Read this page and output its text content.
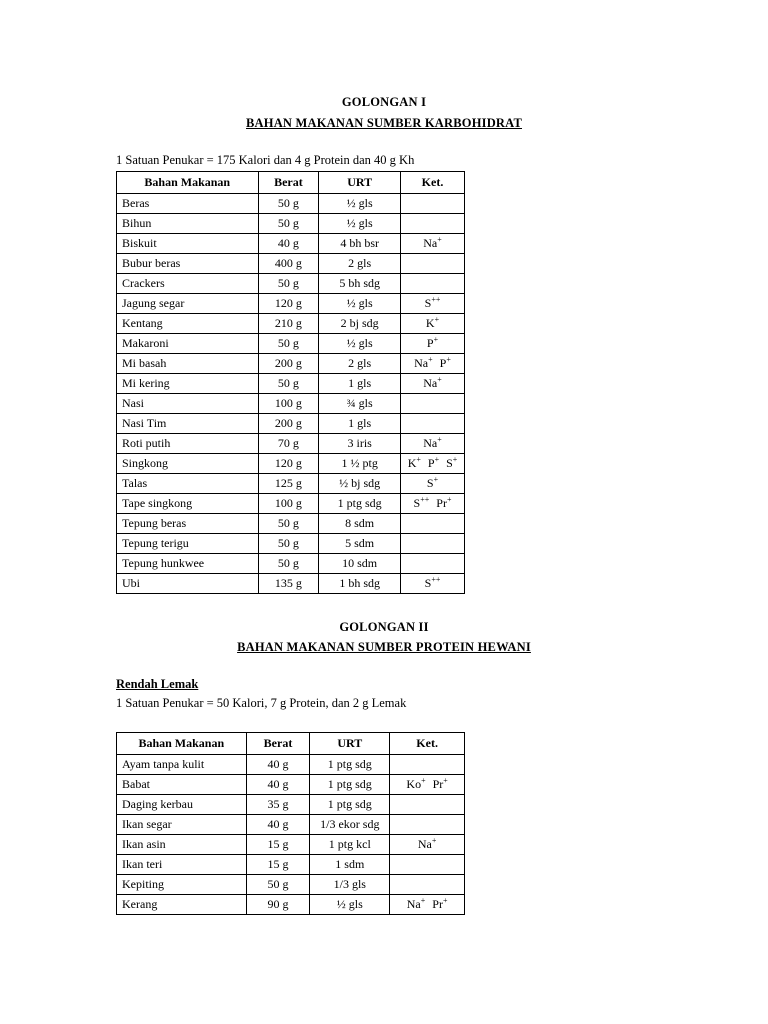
GOLONGAN I
BAHAN MAKANAN SUMBER KARBOHIDRAT
1 Satuan Penukar = 175 Kalori dan 4 g Protein dan 40 g Kh
Bahan Makanan	Berat	URT	Ket.
Beras	50 g	½ gls	
Bihun	50 g	½ gls	
Biskuit	40 g	4 bh bsr	Na+
Bubur beras	400 g	2 gls	
Crackers	50 g	5 bh sdg	
Jagung segar	120 g	½ gls	S++
Kentang	210 g	2 bj sdg	K+
Makaroni	50 g	½ gls	P+
Mi basah	200 g	2 gls	Na+ P+
Mi kering	50 g	1 gls	Na+
Nasi	100 g	¾ gls	
Nasi Tim	200 g	1 gls	
Roti putih	70 g	3 iris	Na+
Singkong	120 g	1 ½ ptg	K+ P+ S+
Talas	125 g	½ bj sdg	S+
Tape singkong	100 g	1 ptg sdg	S++ Pr+
Tepung beras	50 g	8 sdm	
Tepung terigu	50 g	5 sdm	
Tepung hunkwee	50 g	10 sdm	
Ubi	135 g	1 bh sdg	S++
GOLONGAN II
BAHAN MAKANAN SUMBER PROTEIN HEWANI
Rendah Lemak
1 Satuan Penukar = 50 Kalori, 7 g Protein, dan 2 g Lemak
Bahan Makanan	Berat	URT	Ket.
Ayam tanpa kulit	40 g	1 ptg sdg	
Babat	40 g	1 ptg sdg	Ko+ Pr+
Daging kerbau	35 g	1 ptg sdg	
Ikan segar	40 g	1/3 ekor sdg	
Ikan asin	15 g	1 ptg kcl	Na+
Ikan teri	15 g	1 sdm	
Kepiting	50 g	1/3 gls	
Kerang	90 g	½ gls	Na+ Pr+
